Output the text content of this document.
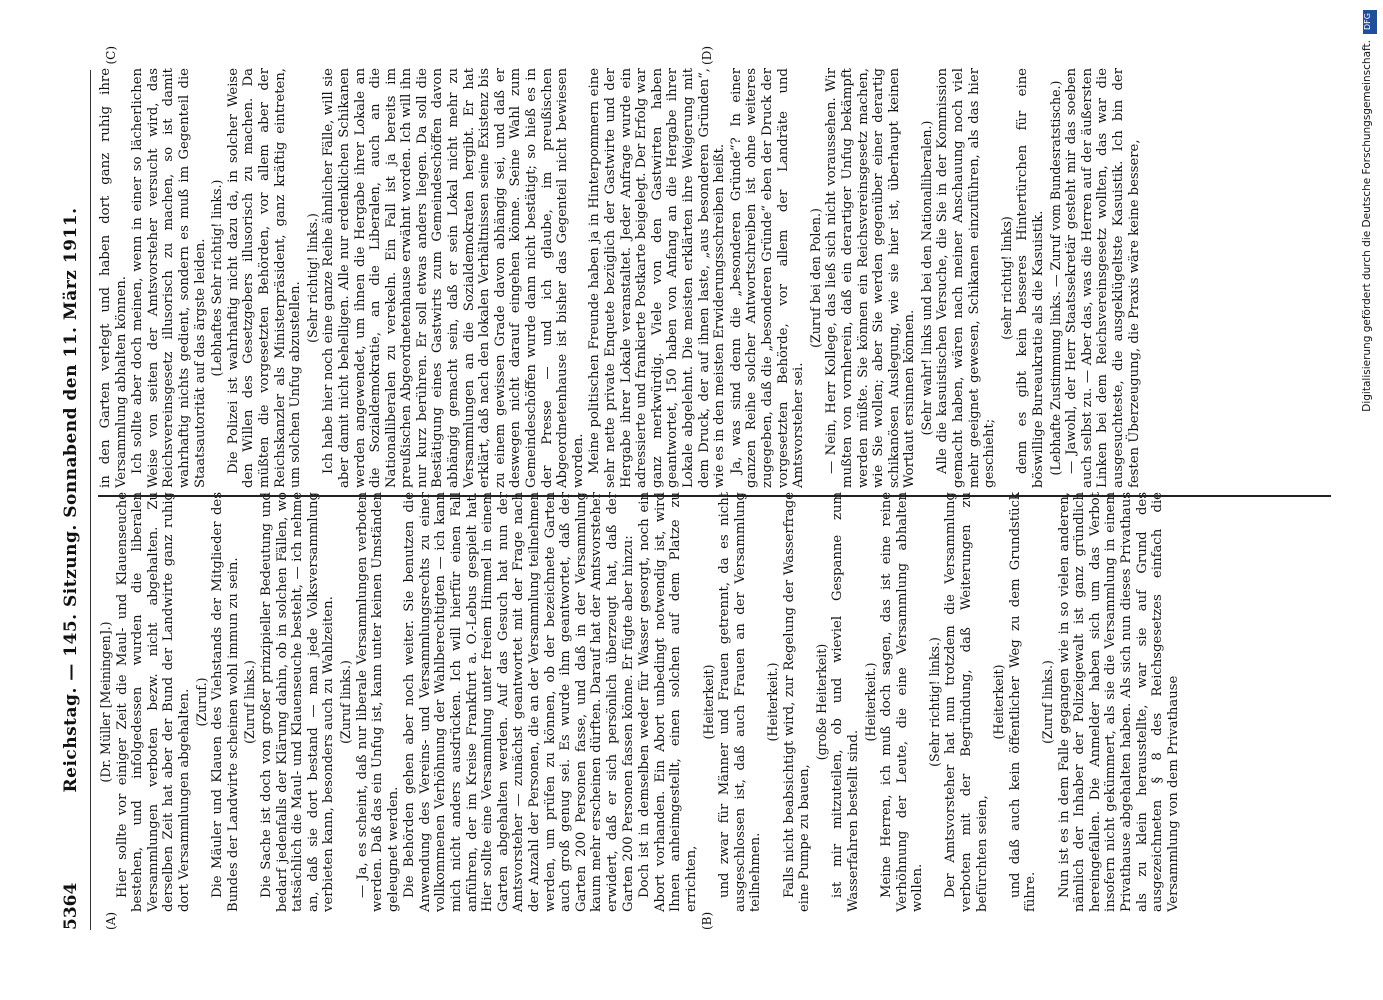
5364
Reichstag. — 145. Sitzung. Sonnabend den 11. März 1911.
(A)	(B)
(C)	(D)

(Dr. Müller [Meiningen].) Hier sollte vor einiger Zeit die Maul- und Klauenseuche bestehen, und infolgedessen wurden die liberalen Versammlungen verboten bezw. nicht abgehalten. Zu derselben Zeit hat aber der Bund der Landwirte ganz ruhig dort Versammlungen abgehalten. (Zuruf.) Die Mäuler und Klauen des Viehstands der Mitglieder des Bundes der Landwirte scheinen wohl immun zu sein. (Zuruf links.) Die Sache ist doch von großer prinzipieller Bedeutung und bedarf jedenfalls der Klärung dahin, ob in solchen Fällen, wo tatsächlich die Maul- und Klauenseuche besteht, — ich nehme an, daß sie dort bestand — man jede Volksversammlung verbieten kann, besonders auch zu Wahlzeiten. (Zuruf links.) — Ja, es scheint, daß nur liberale Versammlungen verboten werden. Daß das ein Unfug ist, kann unter keinen Umständen geleugnet werden. Die Behörden gehen aber noch weiter. Sie benutzen die Anwendung des Vereins- und Versammlungsrechts zu einer vollkommenen Verhöhnung der Wahlberechtigten — ich kann mich nicht anders ausdrücken. Ich will hierfür einen Fall anführen, der im Kreise Frankfurt a. O.-Lebus gespielt hat. Hier sollte eine Versammlung unter freiem Himmel in einem Garten abgehalten werden. Auf das Gesuch hat nun der Amtsvorsteher — zunächst geantwortet mit der Frage nach der Anzahl der Personen, die an der Versammlung teilnehmen werden, um prüfen zu können, ob der bezeichnete Garten auch groß genug sei. Es wurde ihm geantwortet, daß der Garten 200 Personen fasse, und daß in der Versammlung kaum mehr erscheinen dürften. Darauf hat der Amtsvorsteher erwidert, daß er sich persönlich überzeugt hat, daß der Garten 200 Personen fassen könne. Er fügte aber hinzu: Doch ist in demselben weder für Wasser gesorgt, noch ein Abort vorhanden. Ein Abort unbedingt notwendig ist, wird Ihnen anheimgestellt, einen solchen auf dem Platze zu errichten,

(Heiterkeit) und zwar für Männer und Frauen getrennt, da es nicht ausgeschlossen ist, daß auch Frauen an der Versammlung teilnehmen.

(Heiterkeit.) Falls nicht beabsichtigt wird, zur Regelung der Wasserfrage eine Pumpe zu bauen,

(große Heiterkeit) ist mir mitzuteilen, ob und wieviel Gespanne zum Wasserfahren bestellt sind.

(Heiterkeit.) Meine Herren, ich muß doch sagen, das ist eine reine Verhöhnung der Leute, die eine Versammlung abhalten wollen.

(Sehr richtig! links.) Der Amtsvorsteher hat nun trotzdem die Versammlung verboten mit der Begründung, daß Weiterungen zu befürchten seien,

(Heiterkeit) und daß auch kein öffentlicher Weg zu dem Grundstück führe.

(Zuruf links.) Nun ist es in dem Falle gegangen wie in so vielen anderen, nämlich der Inhaber der Polizeigewalt ist ganz gründlich hereingefallen. Die Anmelder haben sich um das Verbot insofern nicht gekümmert, als sie die Versammlung in einem Privathause abgehalten haben. Als sich nun dieses Privathaus als zu klein herausstellte, war sie auf Grund des ausgezeichneten § 8 des Reichsgesetzes einfach die Versammlung von dem Privathause

in den Garten verlegt und haben dort ganz ruhig ihre Versammlung abhalten können. Ich sollte aber doch meinen, wenn in einer so lächerlichen Weise von seiten der Amtsvorsteher versucht wird, das Reichsvereinsgesetz illusorisch zu machen, so ist damit wahrhaftig nichts gedient, sondern es muß im Gegenteil die Staatsautorität auf das ärgste leiden. (Lebhaftes Sehr richtig! links.) Die Polizei ist wahrhaftig nicht dazu da, in solcher Weise den Willen des Gesetzgebers illusorisch zu machen. Da müßten die vorgesetzten Behörden, vor allem aber der Reichskanzler als Ministerpräsident, ganz kräftig eintreten, um solchen Unfug abzustellen.

(Sehr richtig! links.) Ich habe hier noch eine ganze Reihe ähnlicher Fälle, will sie aber damit nicht behelligen. Alle nur erdenklichen Schikanen werden angewendet, um ihnen die Hergabe ihrer Lokale an die Sozialdemokratie, an die Liberalen, auch an die Nationalliberalen zu verekeln. Ein Fall ist ja bereits im preußischen Abgeordnetenhause erwähnt worden. Ich will ihn nur kurz berühren. Er soll etwas anders liegen. Da soll die Bestätigung eines Gastwirts zum Gemeindeschöffen davon abhängig gemacht sein, daß er sein Lokal nicht mehr zu Versammlungen an die Sozialdemokraten hergibt. Er hat erklärt, daß nach den lokalen Verhältnissen seine Existenz bis zu einem gewissen Grade davon abhängig sei, und daß er deswegen nicht darauf eingehen könne. Seine Wahl zum Gemeindeschöffen wurde dann nicht bestätigt; so hieß es in der Presse — und ich glaube, im preußischen Abgeordnetenhause ist bisher das Gegenteil nicht bewiesen worden. Meine politischen Freunde haben ja in Hinterpommern eine sehr nette private Enquete bezüglich der Gastwirte und der Hergabe ihrer Lokale veranstaltet. Jeder Anfrage wurde ein adressierte und frankierte Postkarte beigelegt. Der Erfolg war ganz merkwürdig. Viele von den Gastwirten haben geantwortet, 150 haben von Anfang an die Hergabe ihrer Lokale abgelehnt. Die meisten erklärten ihre Weigerung mit dem Druck, der auf ihnen laste, „aus besonderen Gründen“, wie es in den meisten Erwiderungsschreiben heißt. Ja, was sind denn die „besonderen Gründe“? In einer ganzen Reihe solcher Antwortschreiben ist ohne weiteres zugegeben, daß die „besonderen Gründe“ eben der Druck der vorgesetzten Behörde, vor allem der Landräte und Amtsvorsteher sei.

(Zuruf bei den Polen.) — Nein, Herr Kollege, das ließ sich nicht voraussehen. Wir mußten von vornherein, daß ein derartiger Unfug bekämpft werden müßte. Sie können ein Reichsvereinsgesetz machen, wie Sie wollen; aber Sie werden gegenüber einer derartig schikanösen Auslegung, wie sie hier ist, überhaupt keinen Wortlaut ersinnen können. (Sehr wahr! links und bei den Nationalliberalen.) Alle die kasuistischen Versuche, die Sie in der Kommission gemacht haben, wären nach meiner Anschauung noch viel mehr geeignet gewesen, Schikanen einzuführen, als das hier geschieht;

(sehr richtig! links) denn es gibt kein besseres Hintertürchen für eine böswillige Bureaukratie als die Kasuistik. (Lebhafte Zustimmung links. — Zuruf vom Bundesratstische.) — Jawohl, der Herr Staatssekretär gesteht mir das soeben auch selbst zu. — Aber das, was die Herren auf der äußersten Linken bei dem Reichsvereinsgesetz wollten, das war die ausgesuchteste, die ausgeklügeltste Kasuistik. Ich bin der festen Überzeugung, die Praxis wäre keine bessere,

DFG
Digitalisierung gefördert durch die Deutsche Forschungsgemeinschaft.
